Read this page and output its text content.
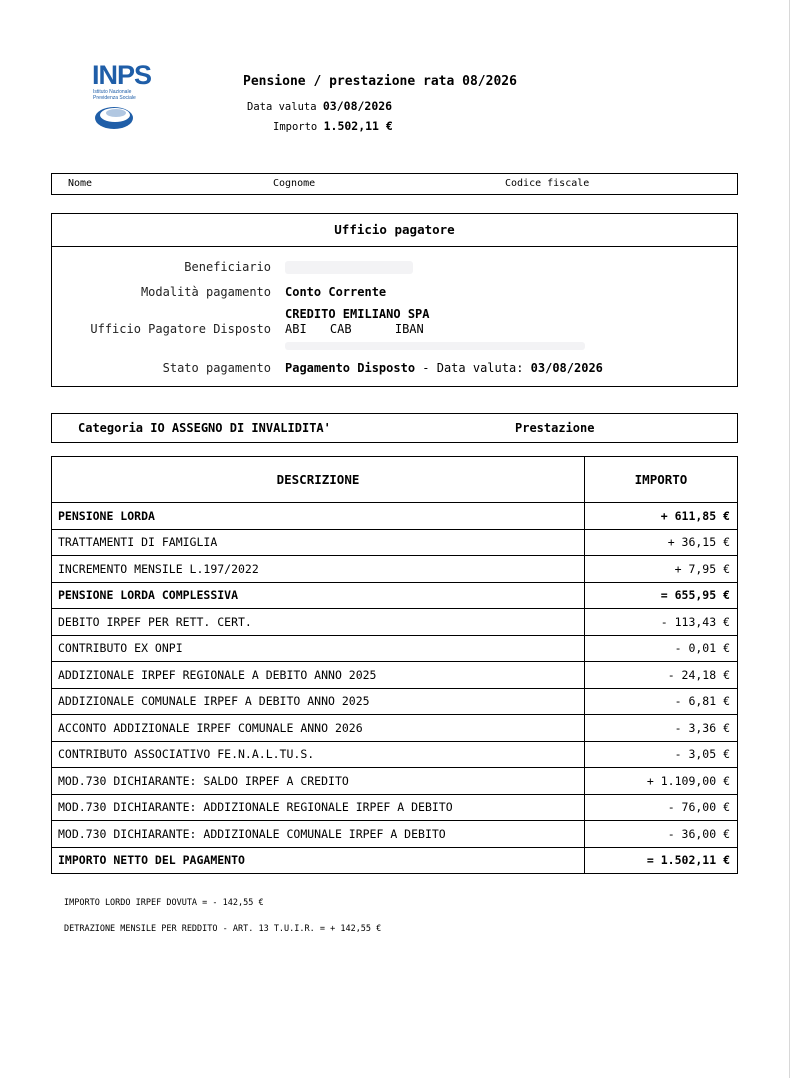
INPS
Istituto Nazionale
Previdenza Sociale
Pensione / prestazione rata 08/2026
Data valuta 03/08/2026
Importo 1.502,11 €
Nome	Cognome	Codice fiscale
Ufficio pagatore
Beneficiario
Modalità pagamento Conto Corrente
Ufficio Pagatore Disposto
CREDITO EMILIANO SPA
ABI CAB	IBAN
Stato pagamento Pagamento Disposto - Data valuta: 03/08/2026
Categoria IO ASSEGNO DI INVALIDITA'	Prestazione
DESCRIZIONE	IMPORTO
PENSIONE LORDA	+ 611,85 €
TRATTAMENTI DI FAMIGLIA	+ 36,15 €
INCREMENTO MENSILE L.197/2022	+ 7,95 €
PENSIONE LORDA COMPLESSIVA	= 655,95 €
DEBITO IRPEF PER RETT. CERT.	- 113,43 €
CONTRIBUTO EX ONPI	- 0,01 €
ADDIZIONALE IRPEF REGIONALE A DEBITO ANNO 2025	- 24,18 €
ADDIZIONALE COMUNALE IRPEF A DEBITO ANNO 2025	- 6,81 €
ACCONTO ADDIZIONALE IRPEF COMUNALE ANNO 2026	- 3,36 €
CONTRIBUTO ASSOCIATIVO FE.N.A.L.TU.S.	- 3,05 €
MOD.730 DICHIARANTE: SALDO IRPEF A CREDITO	+ 1.109,00 €
MOD.730 DICHIARANTE: ADDIZIONALE REGIONALE IRPEF A DEBITO	- 76,00 €
MOD.730 DICHIARANTE: ADDIZIONALE COMUNALE IRPEF A DEBITO	- 36,00 €
IMPORTO NETTO DEL PAGAMENTO	= 1.502,11 €
IMPORTO LORDO IRPEF DOVUTA = - 142,55 €
DETRAZIONE MENSILE PER REDDITO - ART. 13 T.U.I.R. = + 142,55 €
